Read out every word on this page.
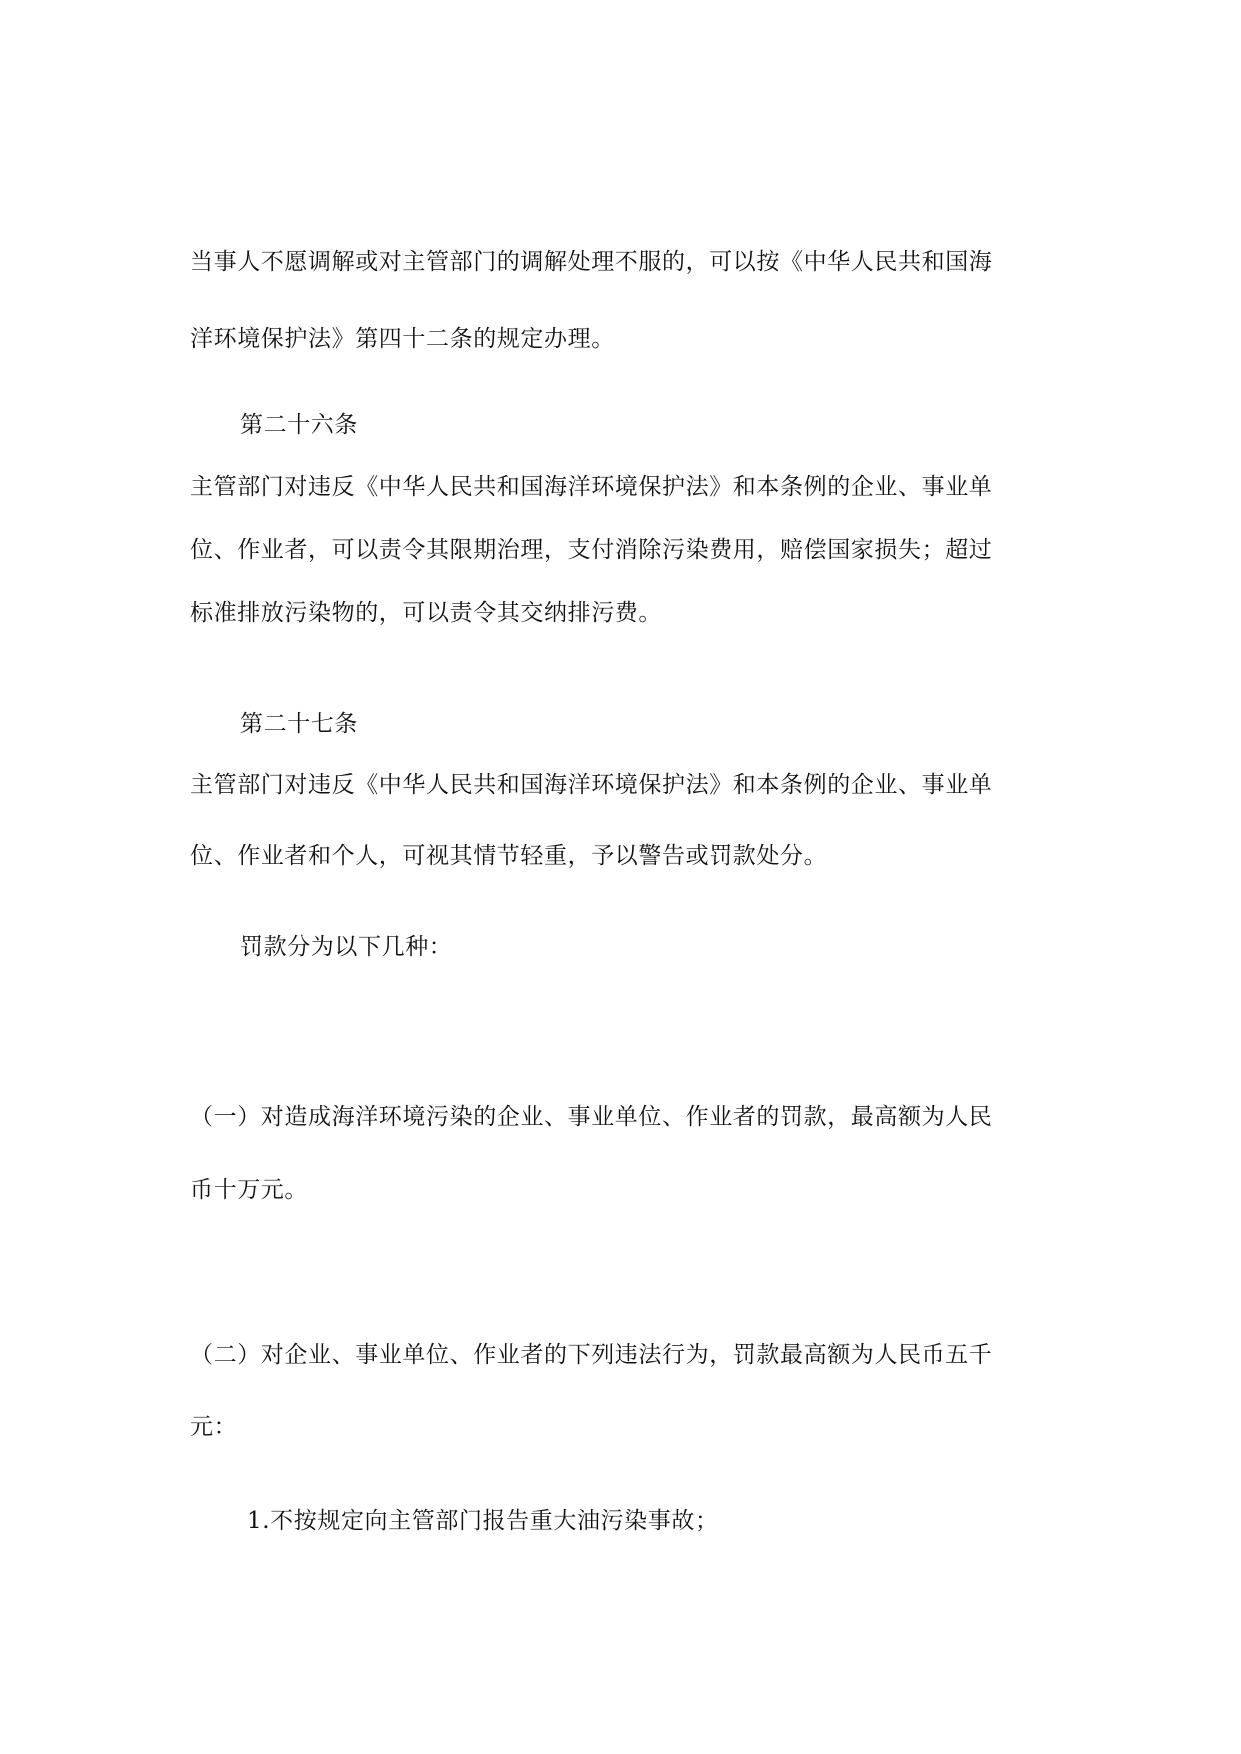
当事人不愿调解或对主管部门的调解处理不服的，可以按《中华人民共和国海
洋环境保护法》第四十二条的规定办理。
第二十六条
主管部门对违反《中华人民共和国海洋环境保护法》和本条例的企业、事业单
位、作业者，可以责令其限期治理，支付消除污染费用，赔偿国家损失；超过
标准排放污染物的，可以责令其交纳排污费。
第二十七条
主管部门对违反《中华人民共和国海洋环境保护法》和本条例的企业、事业单
位、作业者和个人，可视其情节轻重，予以警告或罚款处分。
罚款分为以下几种：
（一）对造成海洋环境污染的企业、事业单位、作业者的罚款，最高额为人民
币十万元。
（二）对企业、事业单位、作业者的下列违法行为，罚款最高额为人民币五千
元：
1.不按规定向主管部门报告重大油污染事故；
